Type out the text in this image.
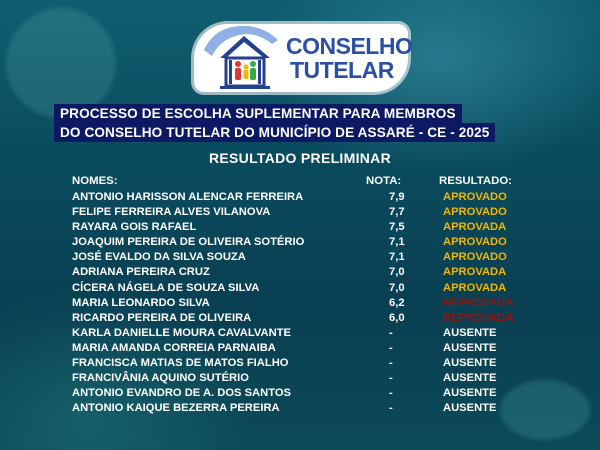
CONSELHO
TUTELAR
PROCESSO DE ESCOLHA SUPLEMENTAR PARA MEMBROS
DO CONSELHO TUTELAR DO MUNICÍPIO DE ASSARÉ - CE - 2025
RESULTADO PRELIMINAR
NOMES:	NOTA:	RESULTADO:
ANTONIO HARISSON ALENCAR FERREIRA	7,9	APROVADO
FELIPE FERREIRA ALVES VILANOVA	7,7	APROVADO
RAYARA GOIS RAFAEL	7,5	APROVADA
JOAQUIM PEREIRA DE OLIVEIRA SOTÉRIO	7,1	APROVADO
JOSÉ EVALDO DA SILVA SOUZA	7,1	APROVADO
ADRIANA PEREIRA CRUZ	7,0	APROVADA
CÍCERA NÁGELA DE SOUZA SILVA	7,0	APROVADA
MARIA LEONARDO SILVA	6,2	REPROVADA
RICARDO PEREIRA DE OLIVEIRA	6,0	REPROVADA
KARLA DANIELLE MOURA CAVALVANTE	-	AUSENTE
MARIA AMANDA CORREIA PARNAIBA	-	AUSENTE
FRANCISCA MATIAS DE MATOS FIALHO	-	AUSENTE
FRANCIVÂNIA AQUINO SUTÉRIO	-	AUSENTE
ANTONIO EVANDRO DE A. DOS SANTOS	-	AUSENTE
ANTONIO KAIQUE BEZERRA PEREIRA	-	AUSENTE
